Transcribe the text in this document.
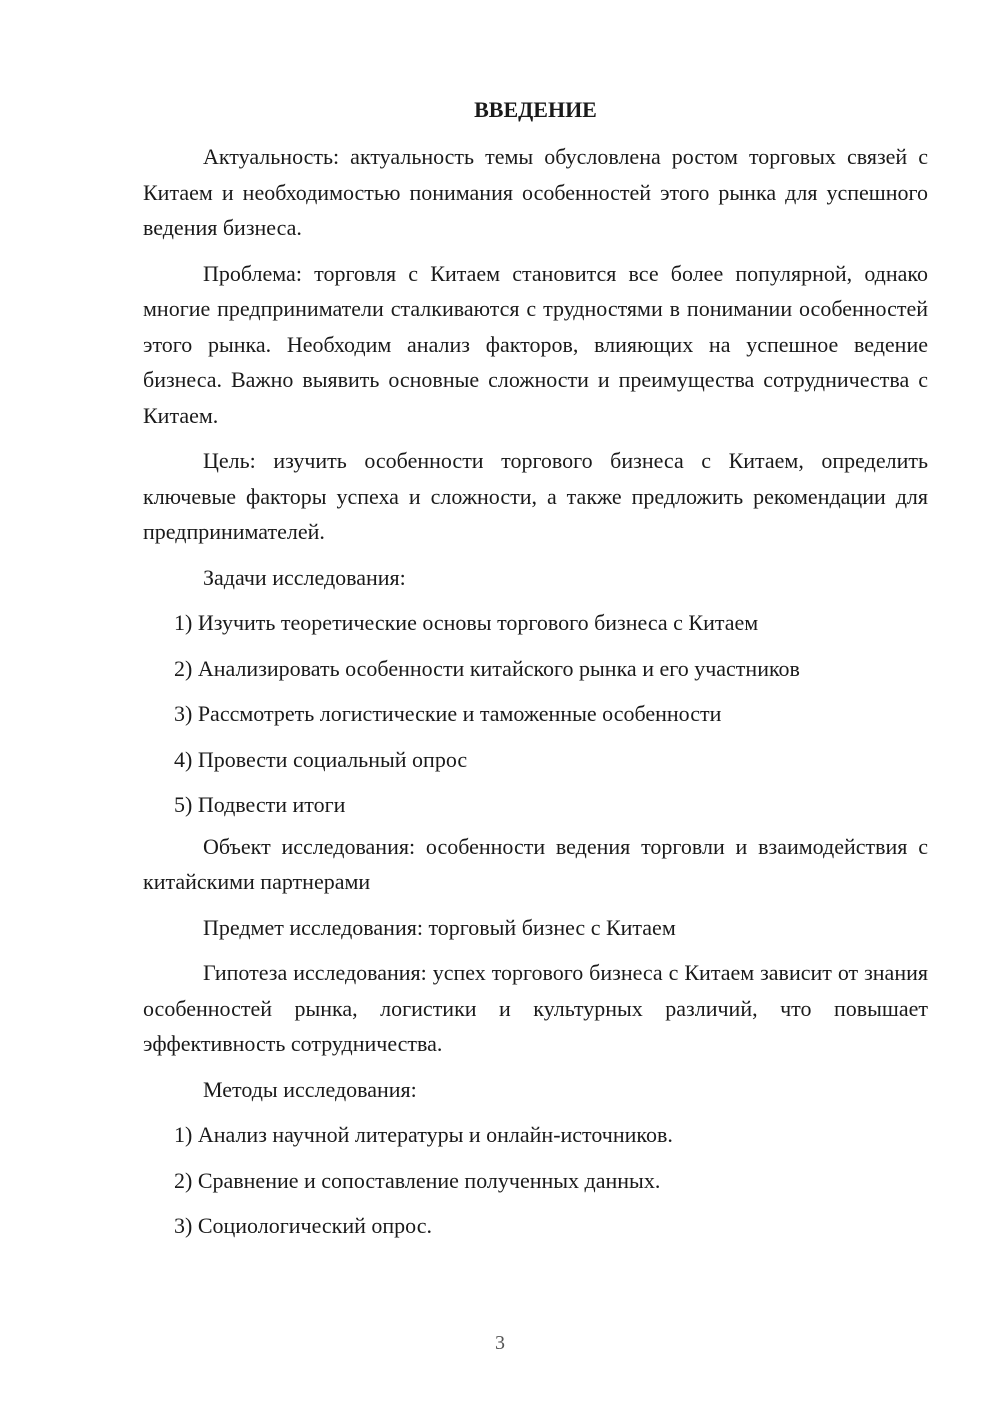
ВВЕДЕНИЕ

Актуальность: актуальность темы обусловлена ростом торговых связей с Китаем и необходимостью понимания особенностей этого рынка для успешного ведения бизнеса.

Проблема: торговля с Китаем становится все более популярной, однако многие предприниматели сталкиваются с трудностями в понимании особенностей этого рынка. Необходим анализ факторов, влияющих на успешное ведение бизнеса. Важно выявить основные сложности и преимущества сотрудничества с Китаем.

Цель: изучить особенности торгового бизнеса с Китаем, определить ключевые факторы успеха и сложности, а также предложить рекомендации для предпринимателей.

Задачи исследования:

1) Изучить теоретические основы торгового бизнеса с Китаем
2) Анализировать особенности китайского рынка и его участников
3) Рассмотреть логистические и таможенные особенности
4) Провести социальный опрос
5) Подвести итоги

Объект исследования: особенности ведения торговли и взаимодействия с китайскими партнерами

Предмет исследования: торговый бизнес с Китаем

Гипотеза исследования: успех торгового бизнеса с Китаем зависит от знания особенностей рынка, логистики и культурных различий, что повышает эффективность сотрудничества.

Методы исследования:

1) Анализ научной литературы и онлайн-источников.
2) Сравнение и сопоставление полученных данных.
3) Социологический опрос.
3
